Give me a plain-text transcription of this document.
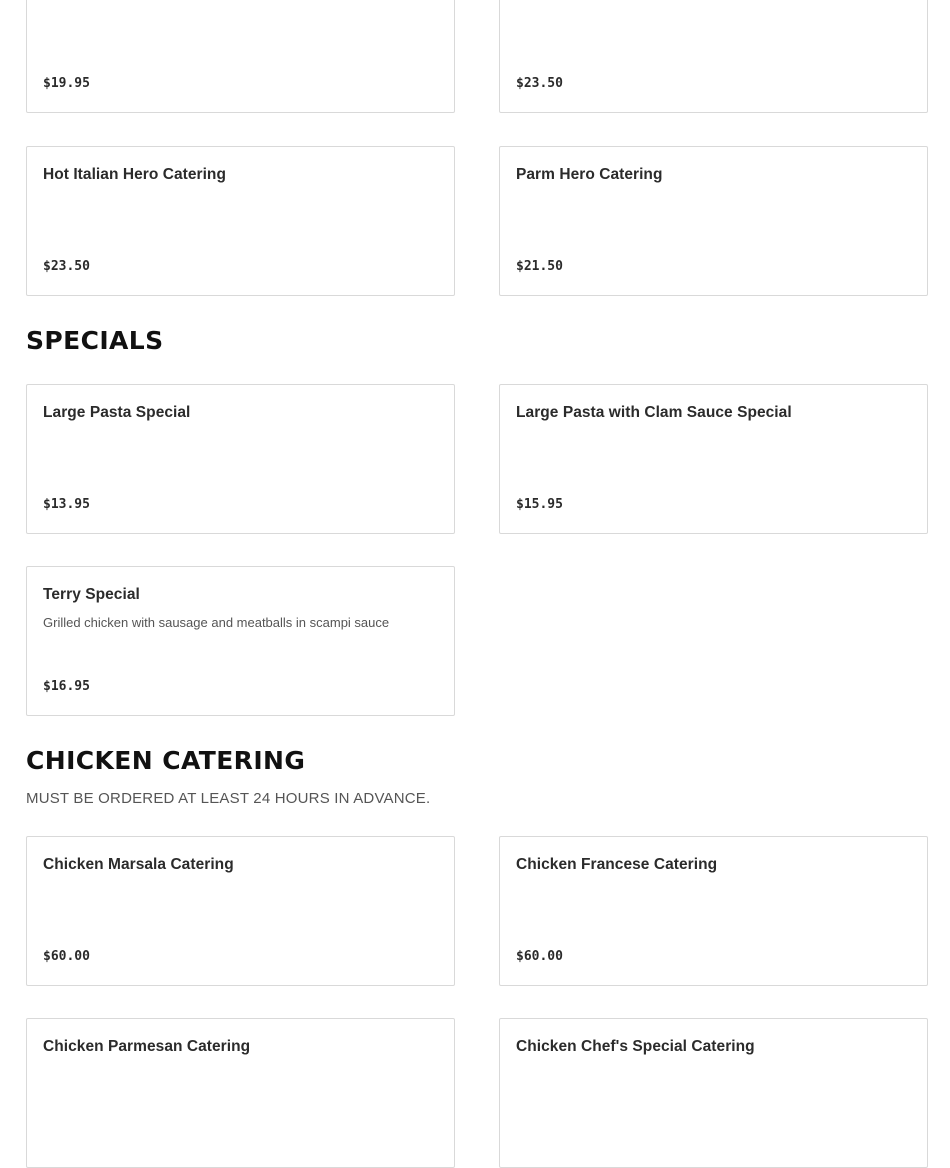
$19.95	$23.50
Hot Italian Hero Catering
$23.50
Parm Hero Catering
$21.50
SPECIALS
Large Pasta Special
$13.95
Large Pasta with Clam Sauce Special
$15.95
Terry Special
Grilled chicken with sausage and meatballs in scampi sauce
$16.95
CHICKEN CATERING
MUST BE ORDERED AT LEAST 24 HOURS IN ADVANCE.
Chicken Marsala Catering
$60.00
Chicken Francese Catering
$60.00
Chicken Parmesan Catering	Chicken Chef's Special Catering
